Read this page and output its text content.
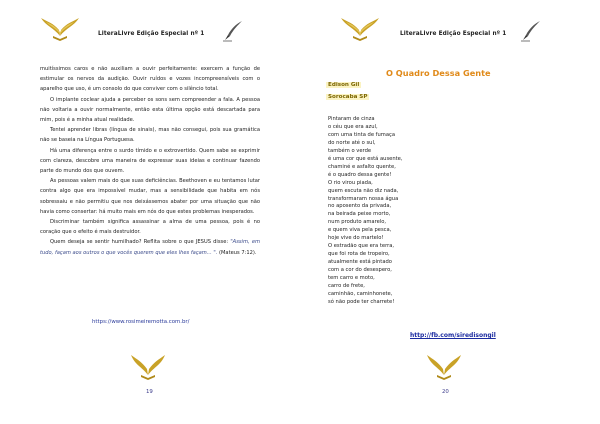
LiteraLivre Edição Especial nº 1

muitíssimos caros e não auxiliam a ouvir perfeitamente: exercem a função de estimular os nervos da audição. Ouvir ruídos e vozes incompreensíveis com o aparelho que uso, é um consolo do que conviver com o silêncio total.

O implante coclear ajuda a perceber os sons sem compreender a fala. A pessoa não voltaria a ouvir normalmente, então esta última opção está descartada para mim, pois é a minha atual realidade.

Tentei aprender libras (língua de sinais), mas não consegui, pois sua gramática não se baseia na Língua Portuguesa.

Há uma diferença entre o surdo tímido e o extrovertido. Quem sabe se exprimir com clareza, descobre uma maneira de expressar suas ideias e continuar fazendo parte do mundo dos que ouvem.

As pessoas valem mais do que suas deficiências. Beethoven e eu tentamos lutar contra algo que era impossível mudar, mas a sensibilidade que habita em nós sobressaiu e não permitiu que nos deixássemos abater por uma situação que não havia como consertar: há muito mais em nós do que estes problemas inesperados.

Discriminar também significa assassinar a alma de uma pessoa, pois é no coração que o efeito é mais destruidor.

Quem deseja se sentir humilhado? Reflita sobre o que JESUS disse: "Assim, em tudo, façam aos outros o que vocês querem que eles lhes façam... ". (Mateus 7:12).

https://www.rosimeiremotta.com.br/
19
LiteraLivre Edição Especial nº 1
O Quadro Dessa Gente
Edison Gil
Sorocaba SP
Pintaram de cinza
o céu que era azul,
com uma tinta de fumaça
do norte até o sul,
também o verde
é uma cor que está ausente,
chaminé e asfalto quente,
é o quadro dessa gente!
O rio virou piada,
quem escuta não diz nada,
transformaram nossa água
no aposento da privada,
na beirada peixe morto,
num produto amarelo,
e quem viva pela pesca,
hoje vive do martelo!
O estradão que era terra,
que foi rota de tropeiro,
atualmente está pintado
com a cor do desespero,
tem carro e moto,
carro de frete,
caminhão, caminhonete,
só não pode ter charrete!
http://fb.com/siredisongil
20
